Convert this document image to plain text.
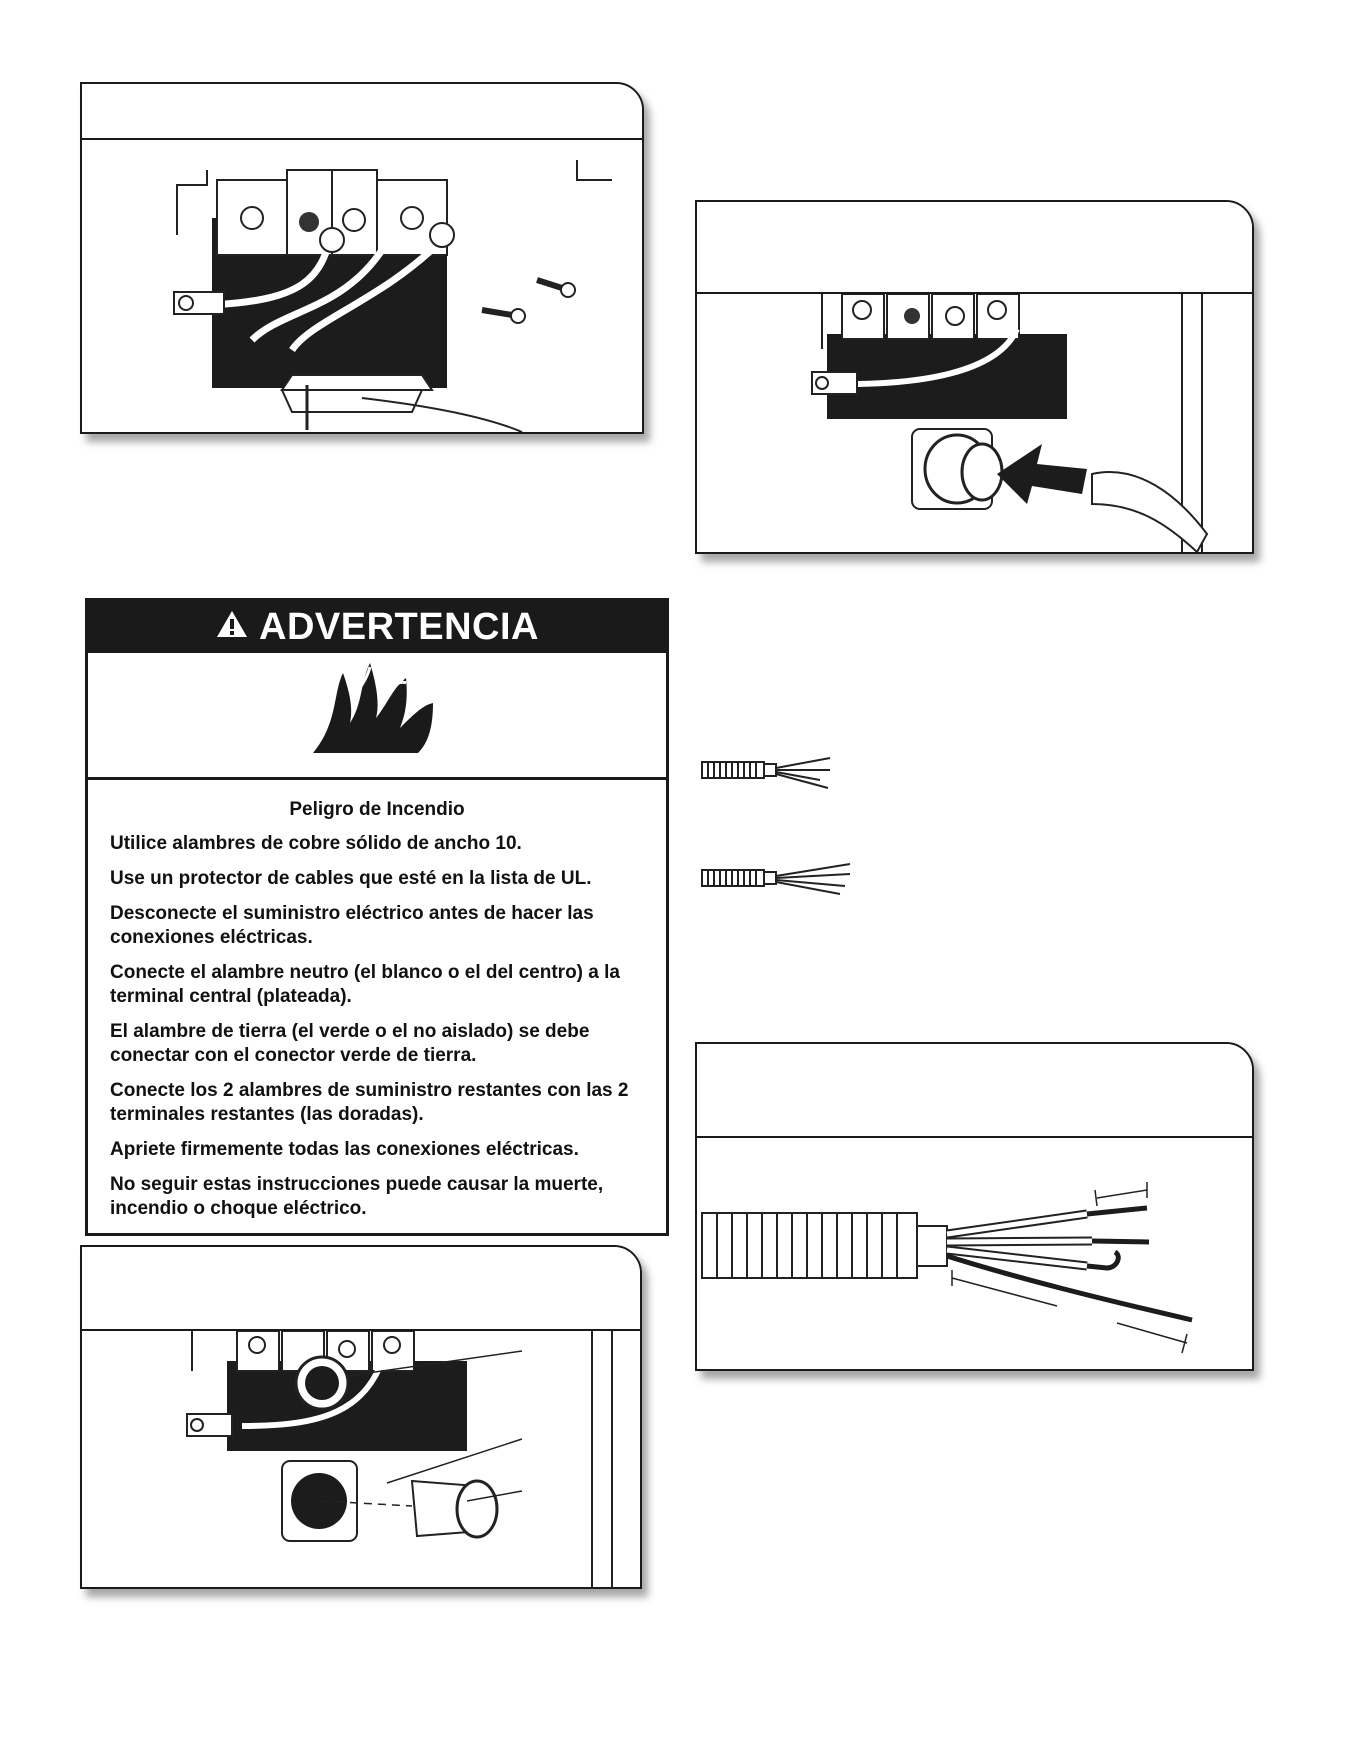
ADVERTENCIA
Peligro de Incendio

Utilice alambres de cobre sólido de ancho 10.

Use un protector de cables que esté en la lista de UL.

Desconecte el suministro eléctrico antes de hacer las conexiones eléctricas.

Conecte el alambre neutro (el blanco o el del centro) a la terminal central (plateada).

El alambre de tierra (el verde o el no aislado) se debe conectar con el conector verde de tierra.

Conecte los 2 alambres de suministro restantes con las 2 terminales restantes (las doradas).

Apriete firmemente todas las conexiones eléctricas.

No seguir estas instrucciones puede causar la muerte, incendio o choque eléctrico.
